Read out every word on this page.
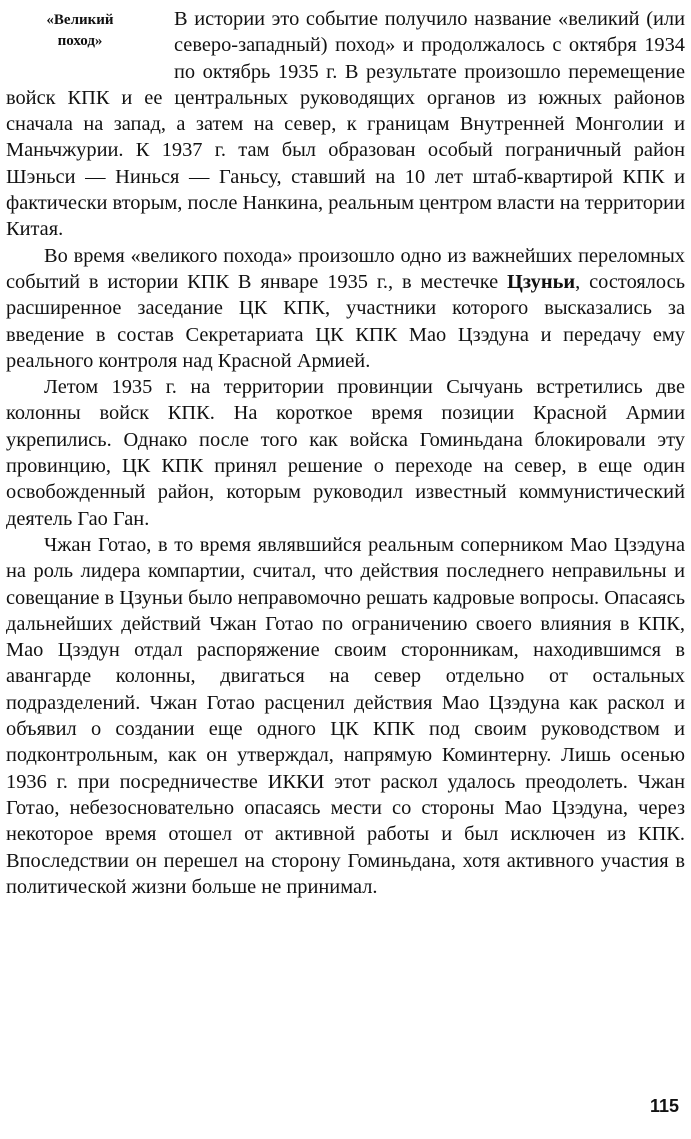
«Великий
поход»

В истории это событие получило название «великий (или северо-западный) поход» и продолжалось с октября 1934 по октябрь 1935 г. В результате произошло перемещение войск КПК и ее центральных руководящих органов из южных районов сначала на запад, а затем на север, к границам Внутренней Монголии и Маньчжурии. К 1937 г. там был образован особый пограничный район Шэньси — Нинься — Ганьсу, ставший на 10 лет штаб-квартирой КПК и фактически вторым, после Нанкина, реальным центром власти на территории Китая.

Во время «великого похода» произошло одно из важнейших переломных событий в истории КПК В январе 1935 г., в местечке Цзуньи, состоялось расширенное заседание ЦК КПК, участники которого высказались за введение в состав Секретариата ЦК КПК Мао Цзэдуна и передачу ему реального контроля над Красной Армией.

Летом 1935 г. на территории провинции Сычуань встретились две колонны войск КПК. На короткое время позиции Красной Армии укрепились. Однако после того как войска Гоминьдана блокировали эту провинцию, ЦК КПК принял решение о переходе на север, в еще один освобожденный район, которым руководил известный коммунистический деятель Гао Ган.

Чжан Готао, в то время являвшийся реальным соперником Мао Цзэдуна на роль лидера компартии, считал, что действия последнего неправильны и совещание в Цзуньи было неправомочно решать кадровые вопросы. Опасаясь дальнейших действий Чжан Готао по ограничению своего влияния в КПК, Мао Цзэдун отдал распоряжение своим сторонникам, находившимся в авангарде колонны, двигаться на север отдельно от остальных подразделений. Чжан Готао расценил действия Мао Цзэдуна как раскол и объявил о создании еще одного ЦК КПК под своим руководством и подконтрольным, как он утверждал, напрямую Коминтерну. Лишь осенью 1936 г. при посредничестве ИККИ этот раскол удалось преодолеть. Чжан Готао, небезосновательно опасаясь мести со стороны Мао Цзэдуна, через некоторое время отошел от активной работы и был исключен из КПК. Впоследствии он перешел на сторону Гоминьдана, хотя активного участия в политической жизни больше не принимал.

115
